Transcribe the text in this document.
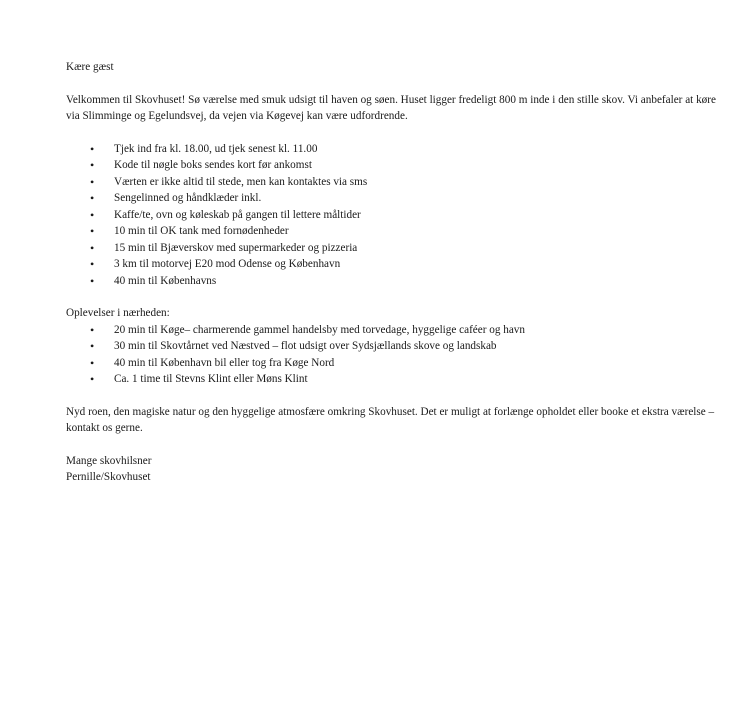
Kære gæst

Velkommen til Skovhuset! Sø værelse med smuk udsigt til haven og søen. Huset ligger fredeligt 800 m inde i den stille skov. Vi anbefaler at køre via Slimminge og Egelundsvej, da vejen via Køgevej kan være udfordrende.

• Tjek ind fra kl. 18.00, ud tjek senest kl. 11.00
• Kode til nøgle boks sendes kort før ankomst
• Værten er ikke altid til stede, men kan kontaktes via sms
• Sengelinned og håndklæder inkl.
• Kaffe/te, ovn og køleskab på gangen til lettere måltider
• 10 min til OK tank med fornødenheder
• 15 min til Bjæverskov med supermarkeder og pizzeria
• 3 km til motorvej E20 mod Odense og København
• 40 min til Københavns

Oplevelser i nærheden:

• 20 min til Køge– charmerende gammel handelsby med torvedage, hyggelige caféer og havn
• 30 min til Skovtårnet ved Næstved – flot udsigt over Sydsjællands skove og landskab
• 40 min til København bil eller tog fra Køge Nord
• Ca. 1 time til Stevns Klint eller Møns Klint

Nyd roen, den magiske natur og den hyggelige atmosfære omkring Skovhuset. Det er muligt at forlænge opholdet eller booke et ekstra værelse – kontakt os gerne.

Mange skovhilsner

Pernille/Skovhuset
